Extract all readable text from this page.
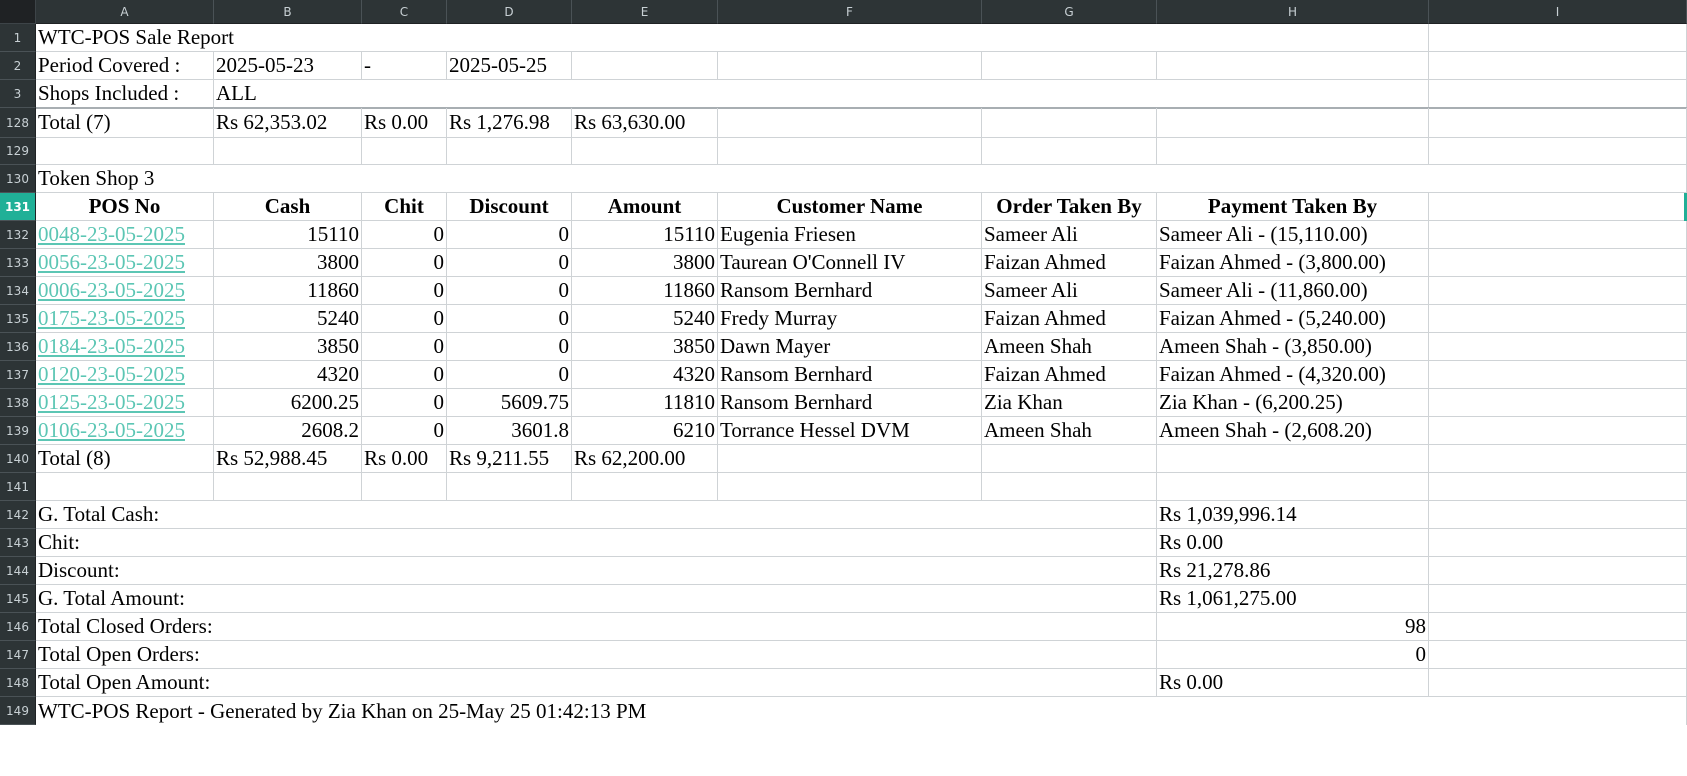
A	B	C	D	E	F	G	H	I
1 WTC-POS Sale Report
2 Period Covered :	2025-05-23	-	2025-05-25
3 Shops Included :	ALL
128 Total (7)	Rs 62,353.02	Rs 0.00 Rs 1,276.98	Rs 63,630.00
129
130 Token Shop 3
131	POS No	Cash	Chit	Discount	Amount	Customer Name	Order Taken By	Payment Taken By
132 0048-23-05-2025	15110	0	0	15110 Eugenia Friesen	Sameer Ali	Sameer Ali - (15,110.00)
133 0056-23-05-2025	3800	0	0	3800 Taurean O'Connell IV	Faizan Ahmed	Faizan Ahmed - (3,800.00)
134 0006-23-05-2025	11860	0	0	11860 Ransom Bernhard	Sameer Ali	Sameer Ali - (11,860.00)
135 0175-23-05-2025	5240	0	0	5240 Fredy Murray	Faizan Ahmed	Faizan Ahmed - (5,240.00)
136 0184-23-05-2025	3850	0	0	3850 Dawn Mayer	Ameen Shah	Ameen Shah - (3,850.00)
137 0120-23-05-2025	4320	0	0	4320 Ransom Bernhard	Faizan Ahmed	Faizan Ahmed - (4,320.00)
138 0125-23-05-2025	6200.25	0	5609.75	11810 Ransom Bernhard	Zia Khan	Zia Khan - (6,200.25)
139 0106-23-05-2025	2608.2	0	3601.8	6210 Torrance Hessel DVM	Ameen Shah	Ameen Shah - (2,608.20)
140 Total (8)	Rs 52,988.45	Rs 0.00 Rs 9,211.55	Rs 62,200.00
141
142 G. Total Cash:	Rs 1,039,996.14
143 Chit:	Rs 0.00
144 Discount:	Rs 21,278.86
145 G. Total Amount:	Rs 1,061,275.00
146 Total Closed Orders:	98
147 Total Open Orders:	0
148 Total Open Amount:	Rs 0.00
149 WTC-POS Report - Generated by Zia Khan on 25-May 25 01:42:13 PM
